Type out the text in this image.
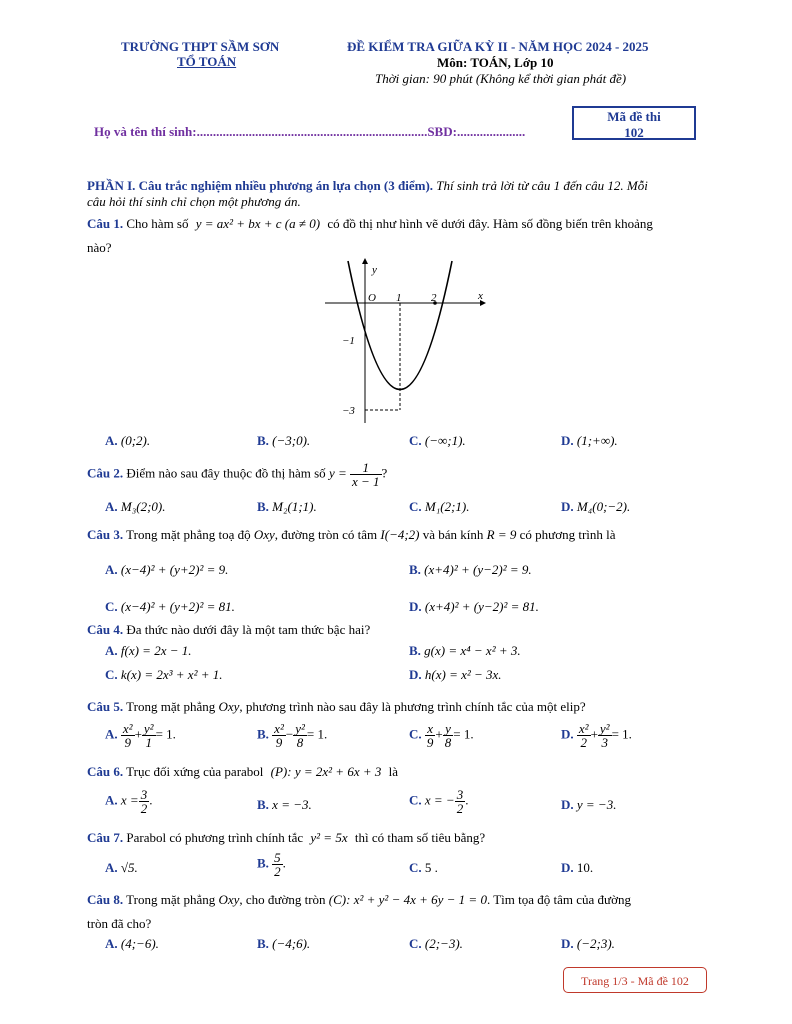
TRƯỜNG THPT SẦM SƠN
TỔ TOÁN
ĐỀ KIỂM TRA GIỮA KỲ II - NĂM HỌC 2024 - 2025
Môn: TOÁN, Lớp 10
Thời gian: 90 phút (Không kể thời gian phát đề)
Họ và tên thí sinh:.......................................................................SBD:.....................
Mã đề thi
102
PHẦN I. Câu trắc nghiệm nhiều phương án lựa chọn (3 điểm). Thí sinh trả lời từ câu 1 đến câu 12. Mỗi
câu hỏi thí sinh chỉ chọn một phương án.
Câu 1. Cho hàm số y = ax² + bx + c (a ≠ 0) có đồ thị như hình vẽ dưới đây. Hàm số đồng biến trên khoảng
nào?
y
x
O 1	2
−1
−3
A. (0;2).	B. (−3;0).	C. (−∞;1).	D. (1;+∞).
Câu 2. Điểm nào sau đây thuộc đồ thị hàm số $y = \frac{1}{x - 1}$ ?
A. M₃(2;0).	B. M₂(1;1).	C. M₁(2;1).	D. M₄(0;−2).
Câu 3. Trong mặt phẳng toạ độ Oxy, đường tròn có tâm I(−4;2) và bán kính R = 9 có phương trình là
A. (x−4)² + (y+2)² = 9.	B. (x+4)² + (y−2)² = 9.
C. (x−4)² + (y+2)² = 81.	D. (x+4)² + (y−2)² = 81.
Câu 4. Đa thức nào dưới đây là một tam thức bậc hai?
A. f(x) = 2x − 1.	B. g(x) = x⁴ − x² + 3.
C. k(x) = 2x³ + x² + 1.	D. h(x) = x² − 3x.
Câu 5. Trong mặt phẳng Oxy, phương trình nào sau đây là phương trình chính tắc của một elip?
A. $\frac{\text{x²}}{9} + \frac{\text{y²}}{1} = 1$.	B. $\frac{\text{x²}}{9} - \frac{\text{y²}}{8} = 1$.	C. $\frac{x}{9} + \frac{y}{8} = 1$.	D. $\frac{\text{x²}}{2} + \frac{\text{y²}}{3} = 1$.
Câu 6. Trục đối xứng của parabol (P): y = 2x² + 6x + 3 là
A. $x = \frac{3}{2}$ .	B. x = −3.	C. x = − $\frac{3}{2}$ .	D. y = −3.
Câu 7. Parabol có phương trình chính tắc y² = 5x thì có tham số tiêu bằng?
A. √5.	B. $\frac{5}{2}$ .	C. 5 .	D. 10.
Câu 8. Trong mặt phẳng Oxy, cho đường tròn (C): x² + y² − 4x + 6y − 1 = 0. Tìm tọa độ tâm của đường
tròn đã cho?
A. (4;−6).	B. (−4;6).	C. (2;−3).	D. (−2;3).
Trang 1/3 - Mã đề 102
